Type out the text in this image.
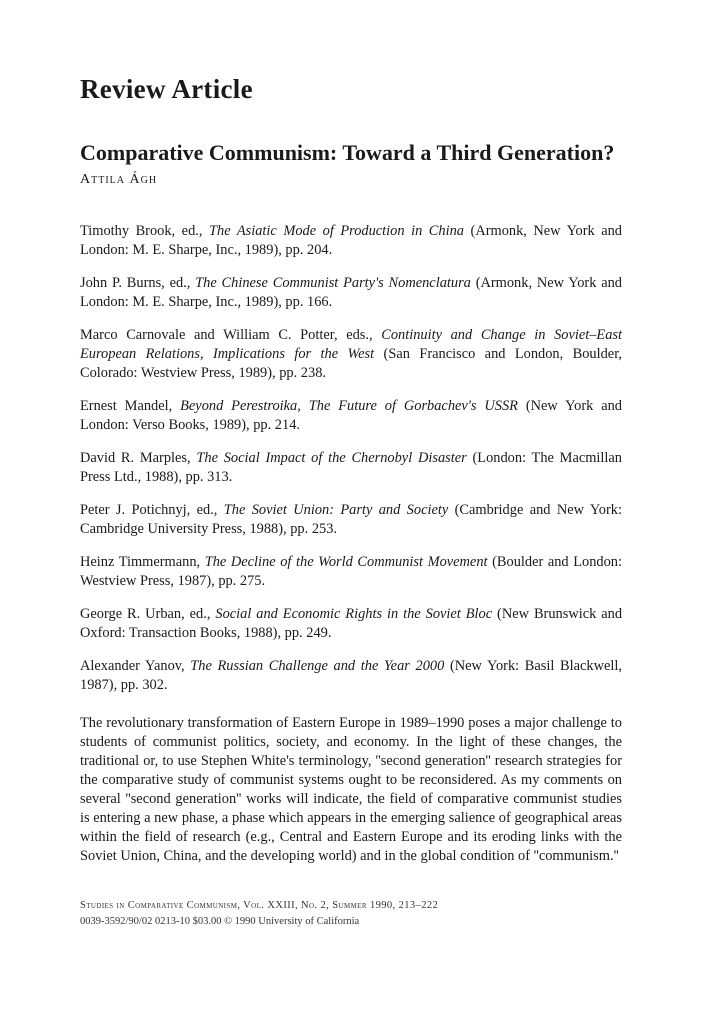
Review Article
Comparative Communism: Toward a Third Generation?

Attila Ágh

Timothy Brook, ed., The Asiatic Mode of Production in China (Armonk, New York and London: M. E. Sharpe, Inc., 1989), pp. 204.
John P. Burns, ed., The Chinese Communist Party's Nomenclatura (Armonk, New York and London: M. E. Sharpe, Inc., 1989), pp. 166.
Marco Carnovale and William C. Potter, eds., Continuity and Change in Soviet–East European Relations, Implications for the West (San Francisco and London, Boulder, Colorado: Westview Press, 1989), pp. 238.
Ernest Mandel, Beyond Perestroika, The Future of Gorbachev's USSR (New York and London: Verso Books, 1989), pp. 214.
David R. Marples, The Social Impact of the Chernobyl Disaster (London: The Macmillan Press Ltd., 1988), pp. 313.
Peter J. Potichnyj, ed., The Soviet Union: Party and Society (Cambridge and New York: Cambridge University Press, 1988), pp. 253.
Heinz Timmermann, The Decline of the World Communist Movement (Boulder and London: Westview Press, 1987), pp. 275.
George R. Urban, ed., Social and Economic Rights in the Soviet Bloc (New Brunswick and Oxford: Transaction Books, 1988), pp. 249.
Alexander Yanov, The Russian Challenge and the Year 2000 (New York: Basil Blackwell, 1987), pp. 302.

The revolutionary transformation of Eastern Europe in 1989–1990 poses a major challenge to students of communist politics, society, and economy. In the light of these changes, the traditional or, to use Stephen White's terminology, ''second generation'' research strategies for the comparative study of communist systems ought to be reconsidered. As my comments on several ''second generation'' works will indicate, the field of comparative communist studies is entering a new phase, a phase which appears in the emerging salience of geographical areas within the field of research (e.g., Central and Eastern Europe and its eroding links with the Soviet Union, China, and the developing world) and in the global condition of ''communism.''

Studies in Comparative Communism, Vol. XXIII, No. 2, Summer 1990, 213–222
0039-3592/90/02 0213-10 $03.00 © 1990 University of California
